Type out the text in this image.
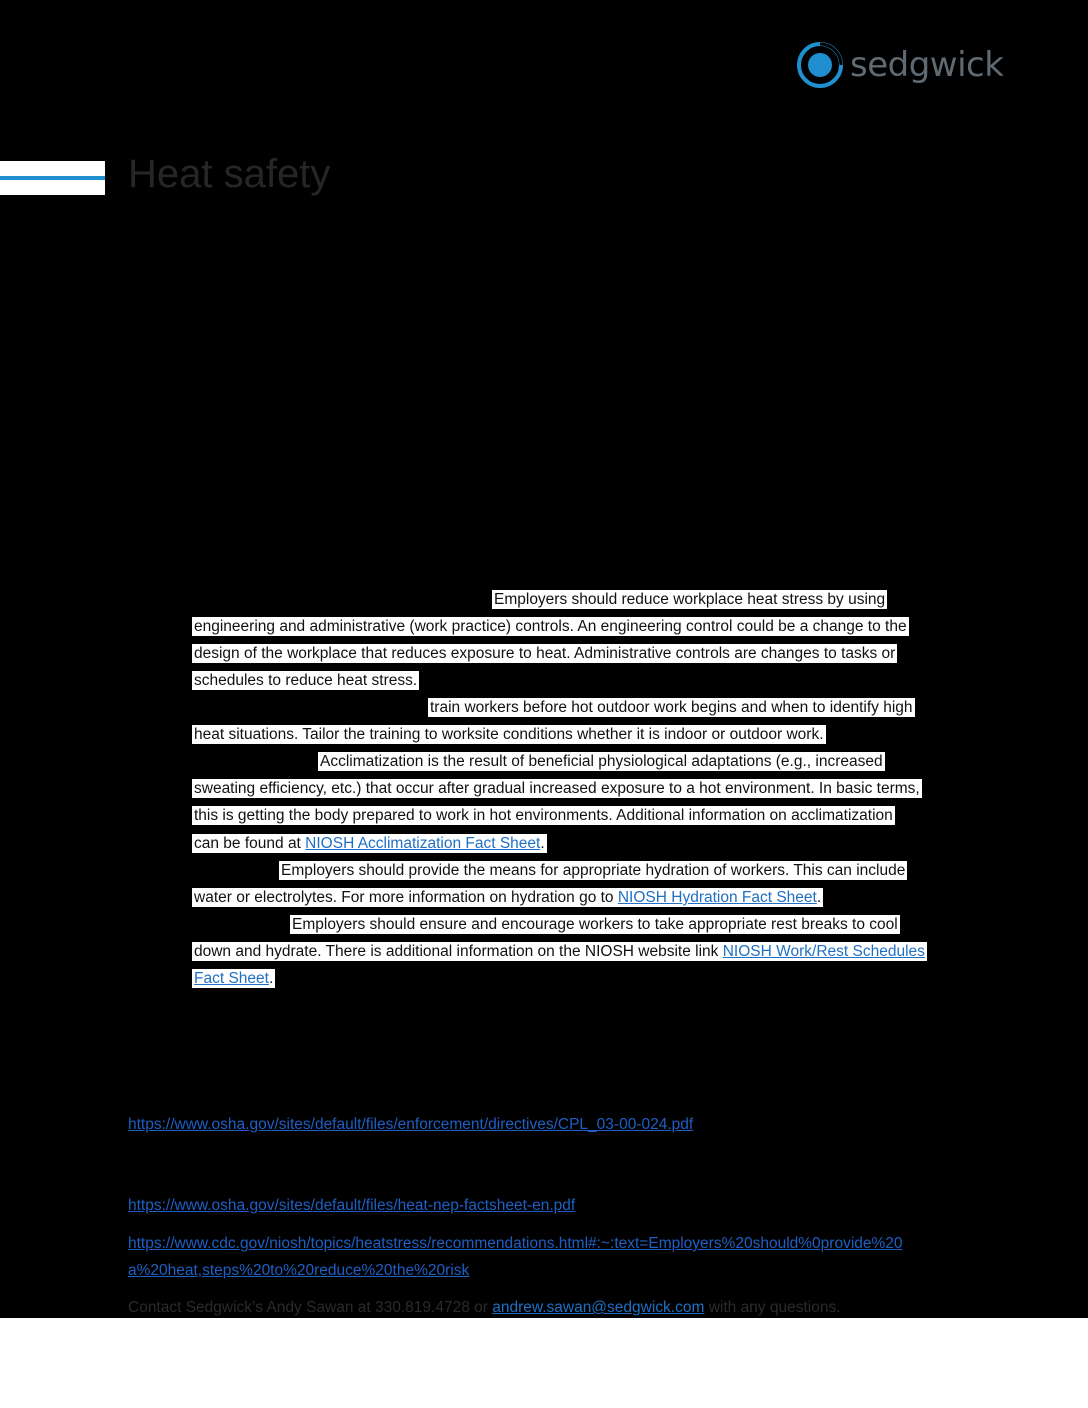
sedgwick
Heat safety
Employers should reduce workplace heat stress by using
engineering and administrative (work practice) controls. An engineering control could be a change to the
design of the workplace that reduces exposure to heat. Administrative controls are changes to tasks or
schedules to reduce heat stress.
train workers before hot outdoor work begins and when to identify high
heat situations. Tailor the training to worksite conditions whether it is indoor or outdoor work.
Acclimatization is the result of beneficial physiological adaptations (e.g., increased
sweating efficiency, etc.) that occur after gradual increased exposure to a hot environment. In basic terms,
this is getting the body prepared to work in hot environments. Additional information on acclimatization
can be found at NIOSH Acclimatization Fact Sheet.
Employers should provide the means for appropriate hydration of workers. This can include
water or electrolytes. For more information on hydration go to NIOSH Hydration Fact Sheet.
Employers should ensure and encourage workers to take appropriate rest breaks to cool
down and hydrate. There is additional information on the NIOSH website link NIOSH Work/Rest Schedules
Fact Sheet.
https://www.osha.gov/sites/default/files/enforcement/directives/CPL_03-00-024.pdf
https://www.osha.gov/sites/default/files/heat-nep-factsheet-en.pdf
https://www.cdc.gov/niosh/topics/heatstress/recommendations.html#:~:text=Employers%20should%0provide%20
a%20heat,steps%20to%20reduce%20the%20risk
Contact Sedgwick’s Andy Sawan at 330.819.4728 or andrew.sawan@sedgwick.com with any questions.
